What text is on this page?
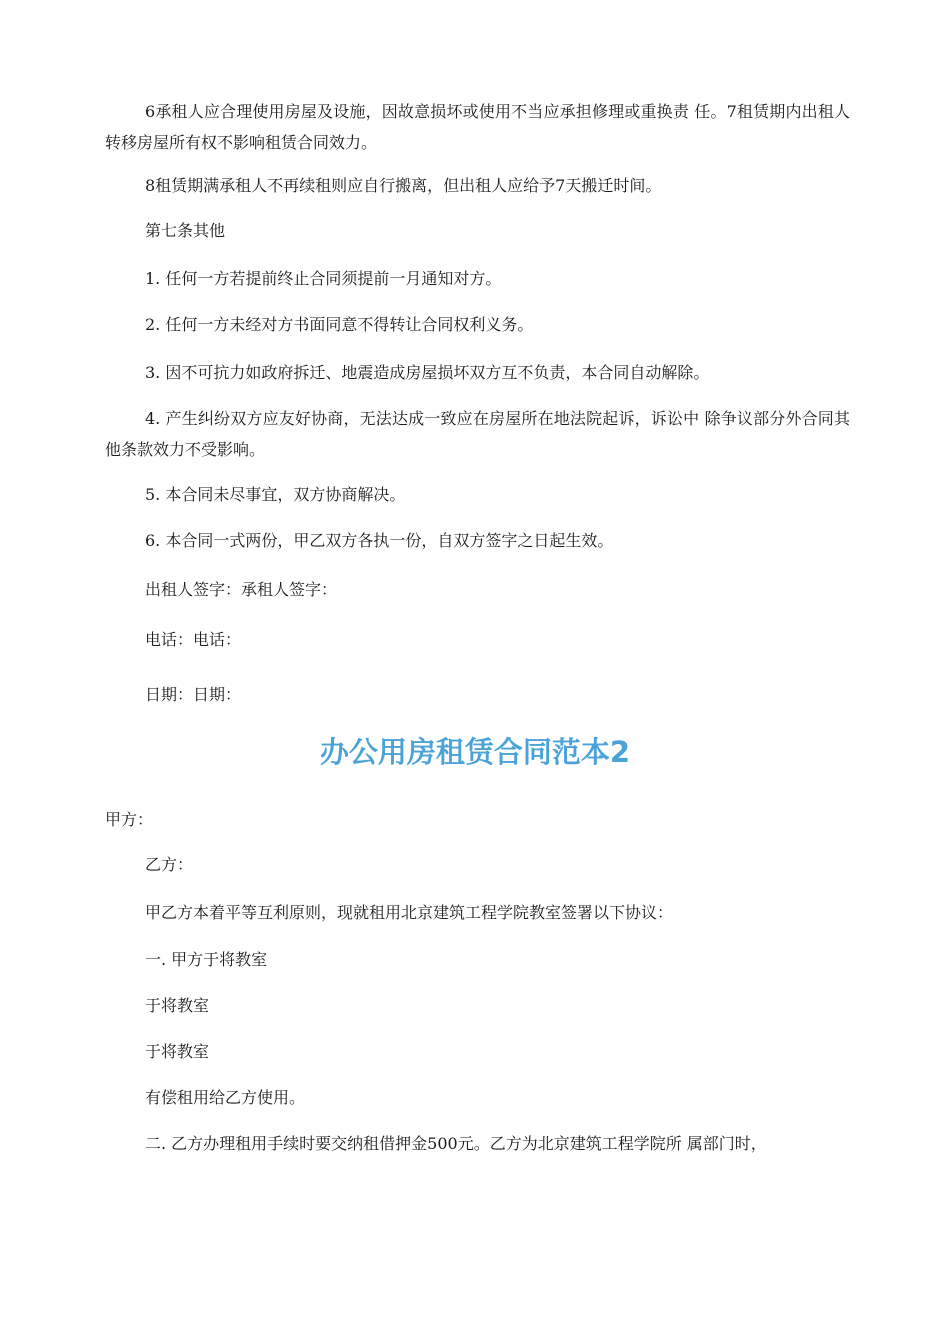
6承租人应合理使用房屋及设施，因故意损坏或使用不当应承担修理或重换责 任。7租赁期内出租人转移房屋所有权不影响租赁合同效力。
8租赁期满承租人不再续租则应自行搬离，但出租人应给予7天搬迁时间。
第七条其他
1. 任何一方若提前终止合同须提前一月通知对方。
2. 任何一方未经对方书面同意不得转让合同权利义务。
3. 因不可抗力如政府拆迁、地震造成房屋损坏双方互不负责，本合同自动解除。
4. 产生纠纷双方应友好协商，无法达成一致应在房屋所在地法院起诉，诉讼中 除争议部分外合同其他条款效力不受影响。
5. 本合同未尽事宜，双方协商解决。
6. 本合同一式两份，甲乙双方各执一份，自双方签字之日起生效。
出租人签字：承租人签字：
电话：电话：
日期：日期：
办公用房租赁合同范本2
甲方：
乙方：
甲乙方本着平等互利原则，现就租用北京建筑工程学院教室签署以下协议：
一. 甲方于将教室
于将教室
于将教室
有偿租用给乙方使用。
二. 乙方办理租用手续时要交纳租借押金500元。乙方为北京建筑工程学院所 属部门时，
